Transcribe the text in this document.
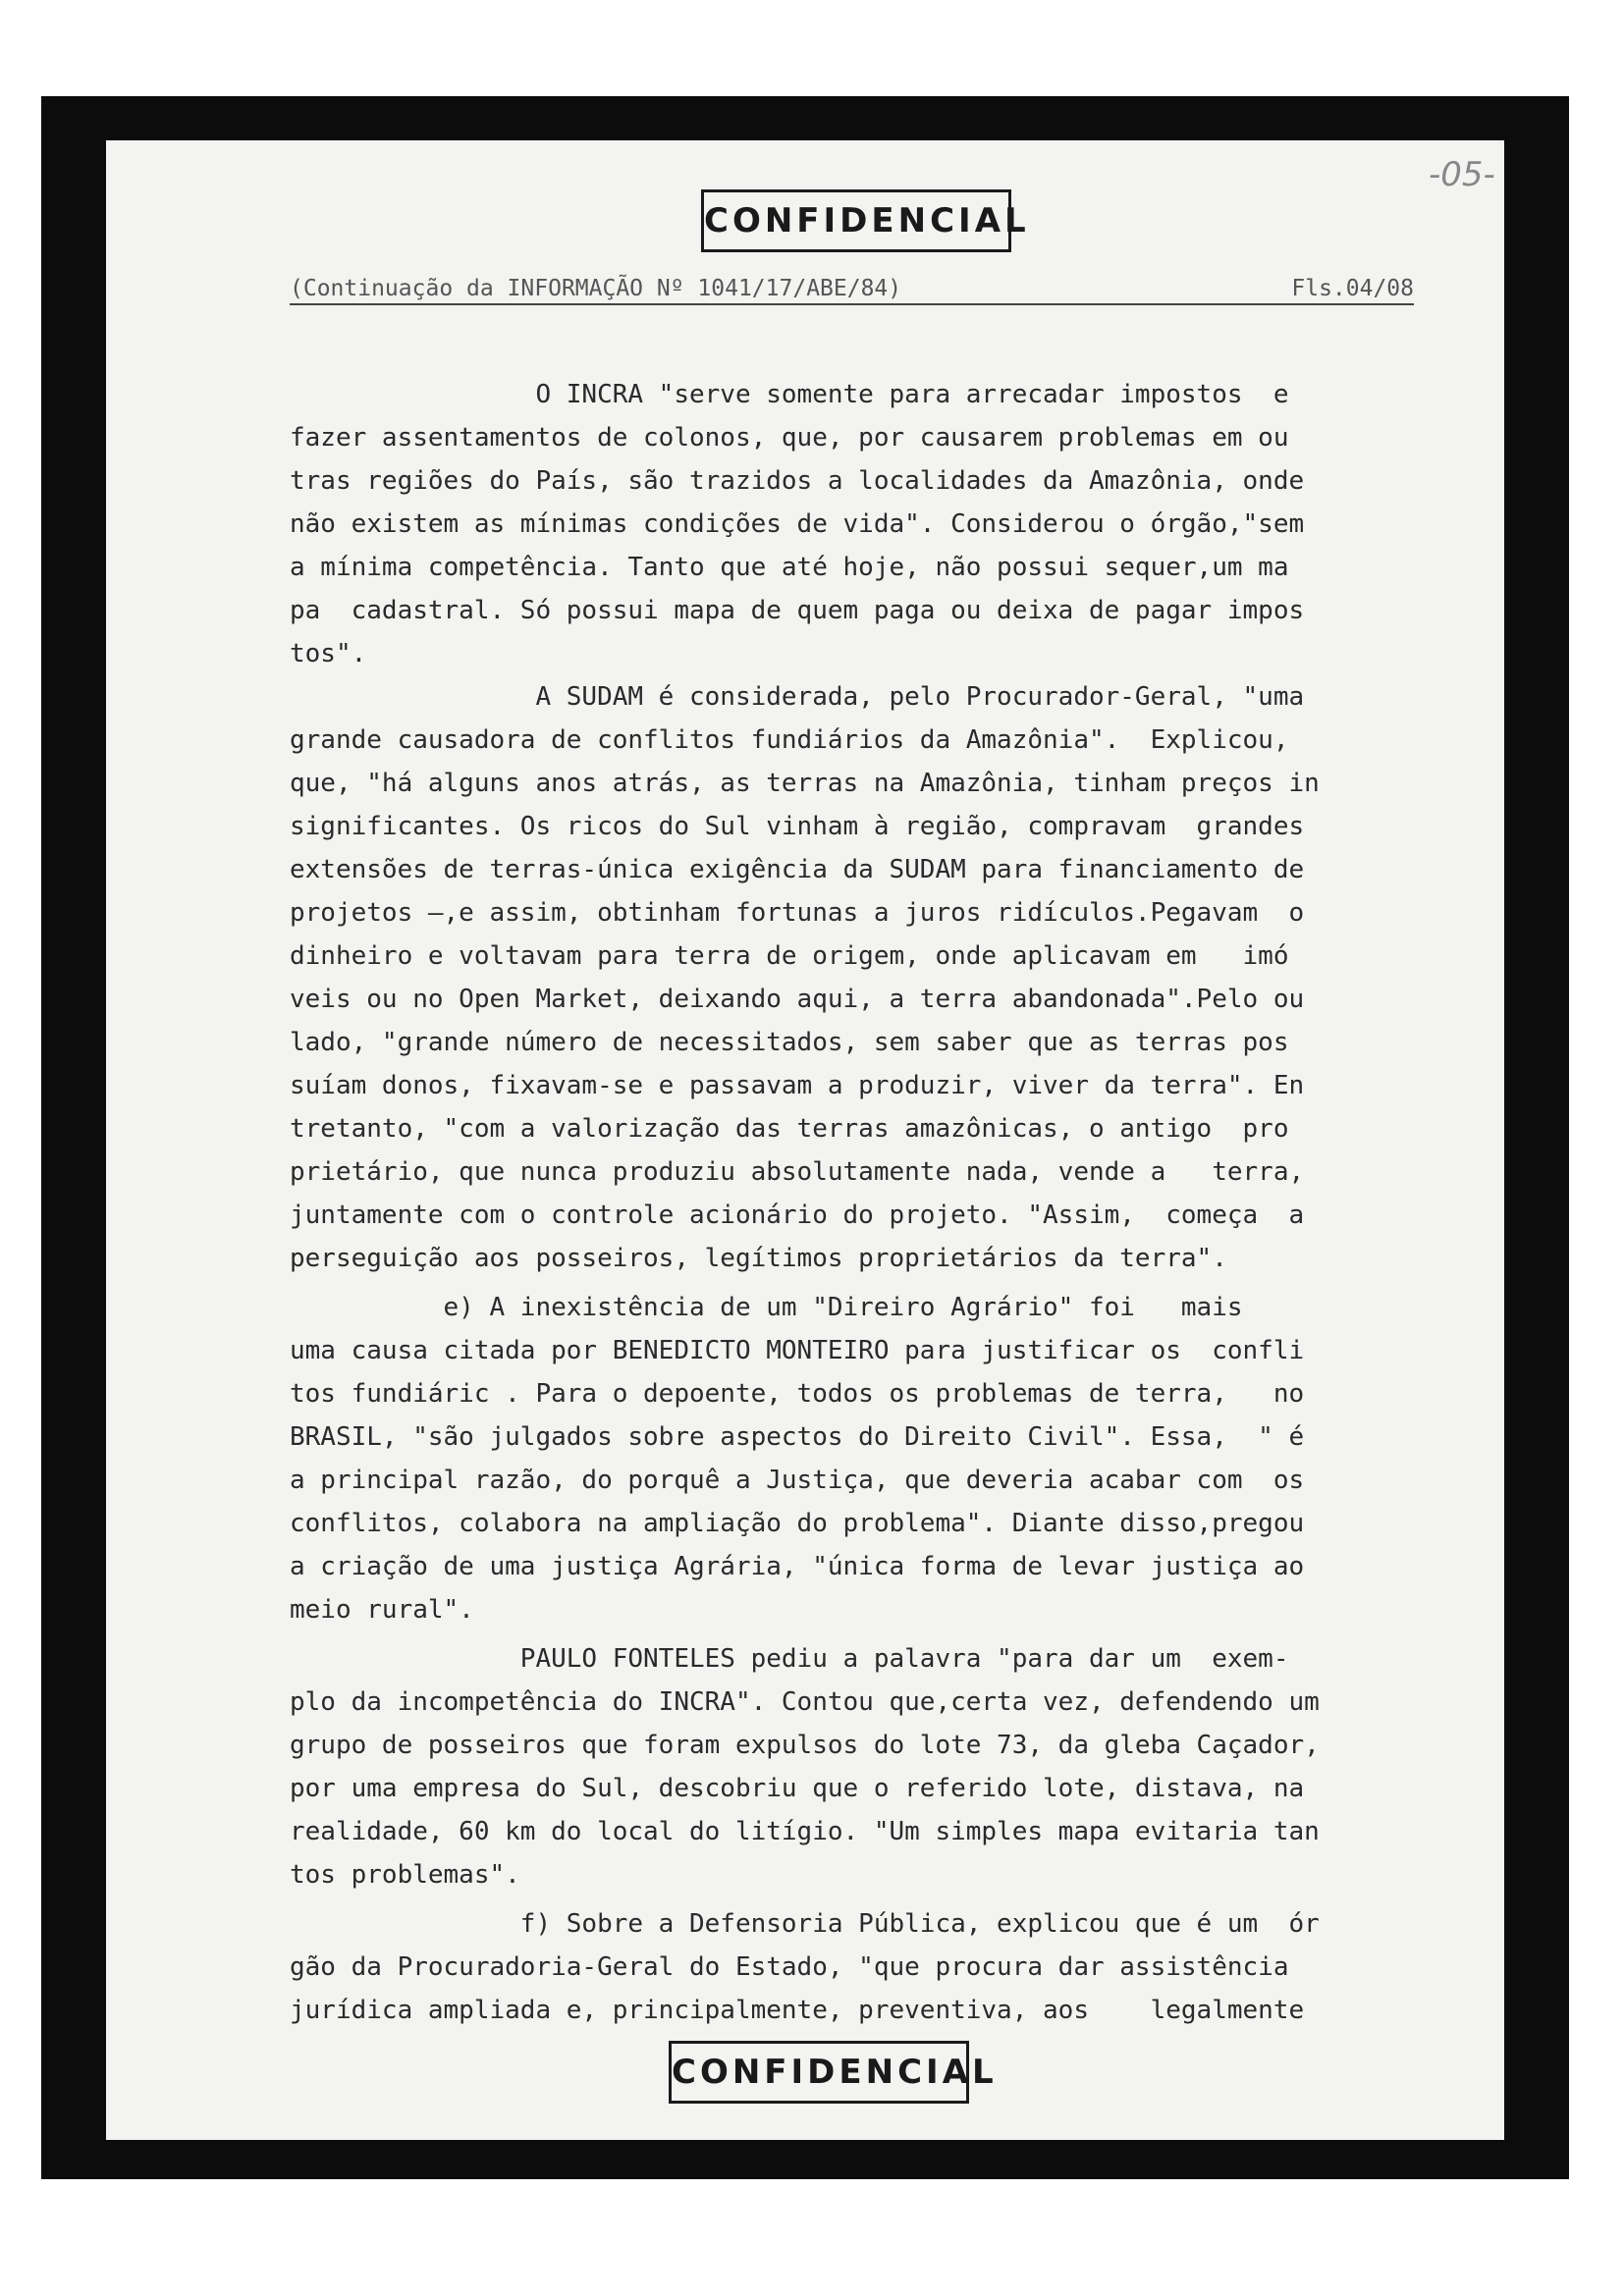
CONFIDENCIAL
-05-
(Continuação da INFORMAÇÃO Nº 1041/17/ABE/84)	Fls.04/08
O INCRA "serve somente para arrecadar impostos  e
fazer assentamentos de colonos, que, por causarem problemas em ou
tras regiões do País, são trazidos a localidades da Amazônia, onde
não existem as mínimas condições de vida". Considerou o órgão,"sem
a mínima competência. Tanto que até hoje, não possui sequer,um ma
pa  cadastral. Só possui mapa de quem paga ou deixa de pagar impos
tos".
A SUDAM é considerada, pelo Procurador-Geral, "uma
grande causadora de conflitos fundiários da Amazônia".  Explicou,
que, "há alguns anos atrás, as terras na Amazônia, tinham preços in
significantes. Os ricos do Sul vinham à região, compravam  grandes
extensões de terras-única exigência da SUDAM para financiamento de
projetos —,e assim, obtinham fortunas a juros ridículos.Pegavam  o
dinheiro e voltavam para terra de origem, onde aplicavam em   imó
veis ou no Open Market, deixando aqui, a terra abandonada".Pelo ou
lado, "grande número de necessitados, sem saber que as terras pos
suíam donos, fixavam-se e passavam a produzir, viver da terra". En
tretanto, "com a valorização das terras amazônicas, o antigo  pro
prietário, que nunca produziu absolutamente nada, vende a   terra,
juntamente com o controle acionário do projeto. "Assim,  começa  a
perseguição aos posseiros, legítimos proprietários da terra".
e) A inexistência de um "Direiro Agrário" foi   mais
uma causa citada por BENEDICTO MONTEIRO para justificar os  confli
tos fundiáric . Para o depoente, todos os problemas de terra,   no
BRASIL, "são julgados sobre aspectos do Direito Civil". Essa,  " é
a principal razão, do porquê a Justiça, que deveria acabar com  os
conflitos, colabora na ampliação do problema". Diante disso,pregou
a criação de uma justiça Agrária, "única forma de levar justiça ao
meio rural".
PAULO FONTELES pediu a palavra "para dar um  exem-
plo da incompetência do INCRA". Contou que,certa vez, defendendo um
grupo de posseiros que foram expulsos do lote 73, da gleba Caçador,
por uma empresa do Sul, descobriu que o referido lote, distava, na
realidade, 60 km do local do litígio. "Um simples mapa evitaria tan
tos problemas".
f) Sobre a Defensoria Pública, explicou que é um  ór
gão da Procuradoria-Geral do Estado, "que procura dar assistência
jurídica ampliada e, principalmente, preventiva, aos    legalmente
CONFIDENCIAL
